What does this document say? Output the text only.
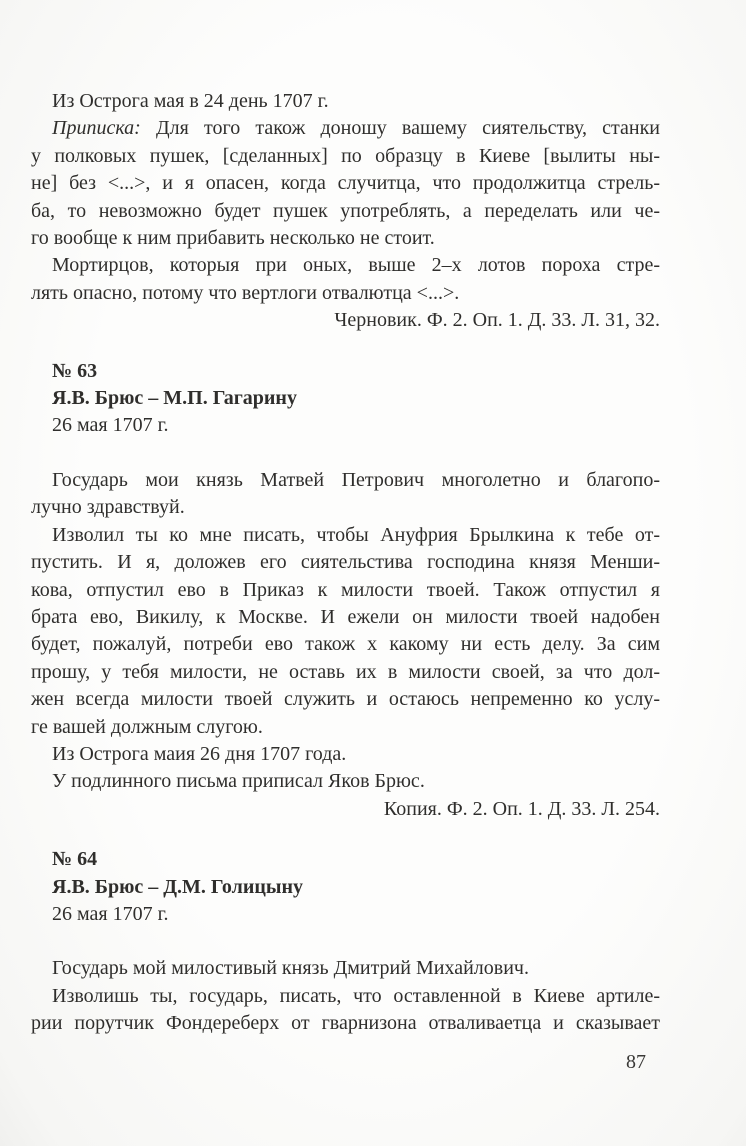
Из Острога мая в 24 день 1707 г.
Приписка: Для того також доношу вашему сиятельству, станки
у полковых пушек, [сделанных] по образцу в Киеве [вылиты ны-
не] без <...>, и я опасен, когда случитца, что продолжитца стрель-
ба, то невозможно будет пушек употреблять, а переделать или че-
го вообще к ним прибавить несколько не стоит.
Мортирцов, которыя при оных, выше 2–х лотов пороха стре-
лять опасно, потому что вертлоги отвалютца <...>.
Черновик. Ф. 2. Оп. 1. Д. 33. Л. 31, 32.
№ 63
Я.В. Брюс – М.П. Гагарину
26 мая 1707 г.
Государь мои князь Матвей Петрович многолетно и благопо-
лучно здравствуй.
Изволил ты ко мне писать, чтобы Ануфрия Брылкина к тебе от-
пустить. И я, доложев его сиятельстива господина князя Менши-
кова, отпустил ево в Приказ к милости твоей. Також отпустил я
брата ево, Викилу, к Москве. И ежели он милости твоей надобен
будет, пожалуй, потреби ево також х какому ни есть делу. За сим
прошу, у тебя милости, не оставь их в милости своей, за что дол-
жен всегда милости твоей служить и остаюсь непременно ко услу-
ге вашей должным слугою.
Из Острога маия 26 дня 1707 года.
У подлинного письма приписал Яков Брюс.
Копия. Ф. 2. Оп. 1. Д. 33. Л. 254.
№ 64
Я.В. Брюс – Д.М. Голицыну
26 мая 1707 г.
Государь мой милостивый князь Дмитрий Михайлович.
Изволишь ты, государь, писать, что оставленной в Киеве артиле-
рии порутчик Фондереберх от гварнизона отваливаетца и сказывает
87
